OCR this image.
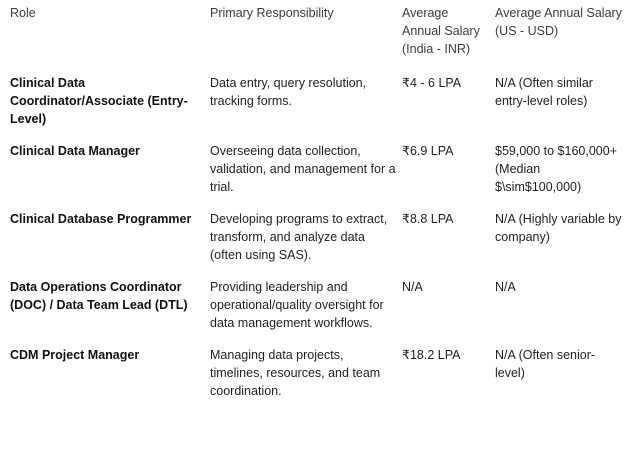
Role	Primary Responsibility	Average Annual Salary (India - INR)	Average Annual Salary (US - USD)
Clinical Data Coordinator/Associate (Entry-Level)	Data entry, query resolution, tracking forms.	₹4 - 6 LPA	N/A (Often similar entry-level roles)
Clinical Data Manager	Overseeing data collection, validation, and management for a trial.	₹6.9 LPA	$59,000 to $160,000+ (Median $\sim$100,000)
Clinical Database Programmer	Developing programs to extract, transform, and analyze data (often using SAS).	₹8.8 LPA	N/A (Highly variable by company)
Data Operations Coordinator (DOC) / Data Team Lead (DTL)	Providing leadership and operational/quality oversight for data management workflows.	N/A	N/A
CDM Project Manager	Managing data projects, timelines, resources, and team coordination.	₹18.2 LPA	N/A (Often senior-level)
